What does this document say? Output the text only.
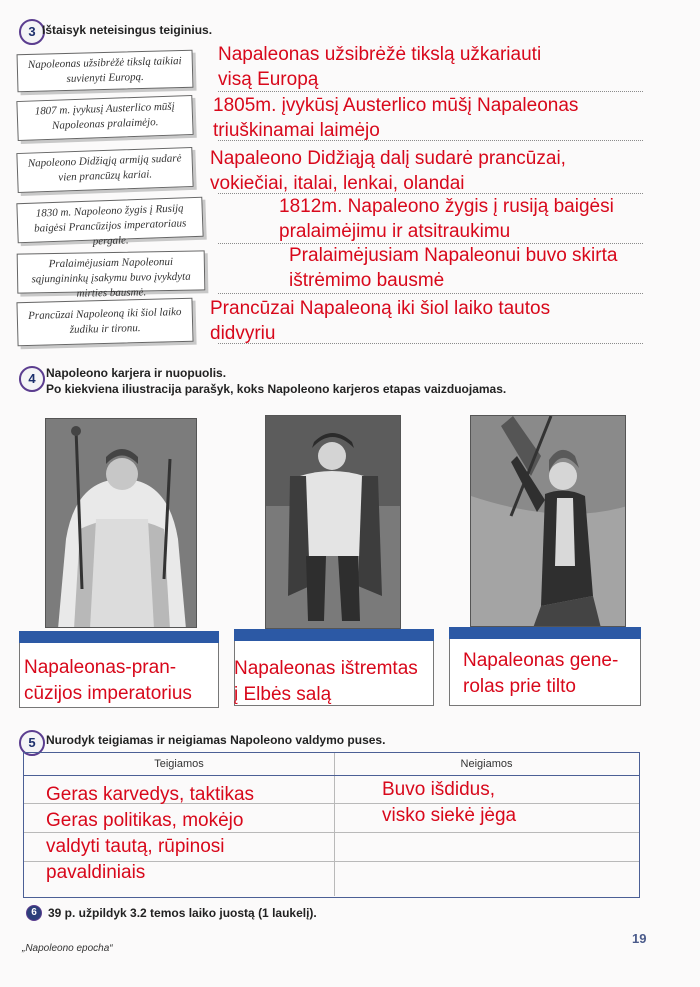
3 Ištaisyk neteisingus teiginius.
Napoleonas užsibrėžė tikslą taikiai suvienyti Europą.
1807 m. įvykusį Austerlico mūšį Napoleonas pralaimėjo.
Napoleono Didžiąją armiją sudarė vien prancūzų kariai.
1830 m. Napoleono žygis į Rusiją baigėsi Prancūzijos imperatoriaus pergale.
Pralaimėjusiam Napoleonui sąjungininkų įsakymu buvo įvykdyta mirties bausmė.
Prancūzai Napoleoną iki šiol laiko žudiku ir tironu.
Napaleonas užsibrėžė tikslą užkariauti
visą Europą
1805m. įvykūsį Austerlico mūšį Napaleonas
triuškinamai laimėjo
Napaleono Didžiąją dalį sudarė prancūzai,
vokiečiai, italai, lenkai, olandai
1812m. Napaleono žygis į rusiją baigėsi
pralaimėjimu ir atsitraukimu
Pralaimėjusiam Napaleonui buvo skirta
ištrėmimo bausmė
Prancūzai Napaleoną iki šiol laiko tautos
didvyriu
4 Napoleono karjera ir nuopuolis.
Po kiekviena iliustracija parašyk, koks Napoleono karjeros etapas vaizduojamas.
Napaleonas-pran-
cūzijos imperatorius
Napaleonas ištremtas
į Elbės salą
Napaleonas gene-
rolas prie tilto
5 Nurodyk teigiamas ir neigiamas Napoleono valdymo puses.
Teigiamos	Neigiamos
Geras karvedys, taktikas
Geras politikas, mokėjo
valdyti tautą, rūpinosi
pavaldiniais
Buvo išdidus,
visko siekė jėga
6 39 p. užpildyk 3.2 temos laiko juostą (1 laukelį).
„Napoleono epocha“
19
